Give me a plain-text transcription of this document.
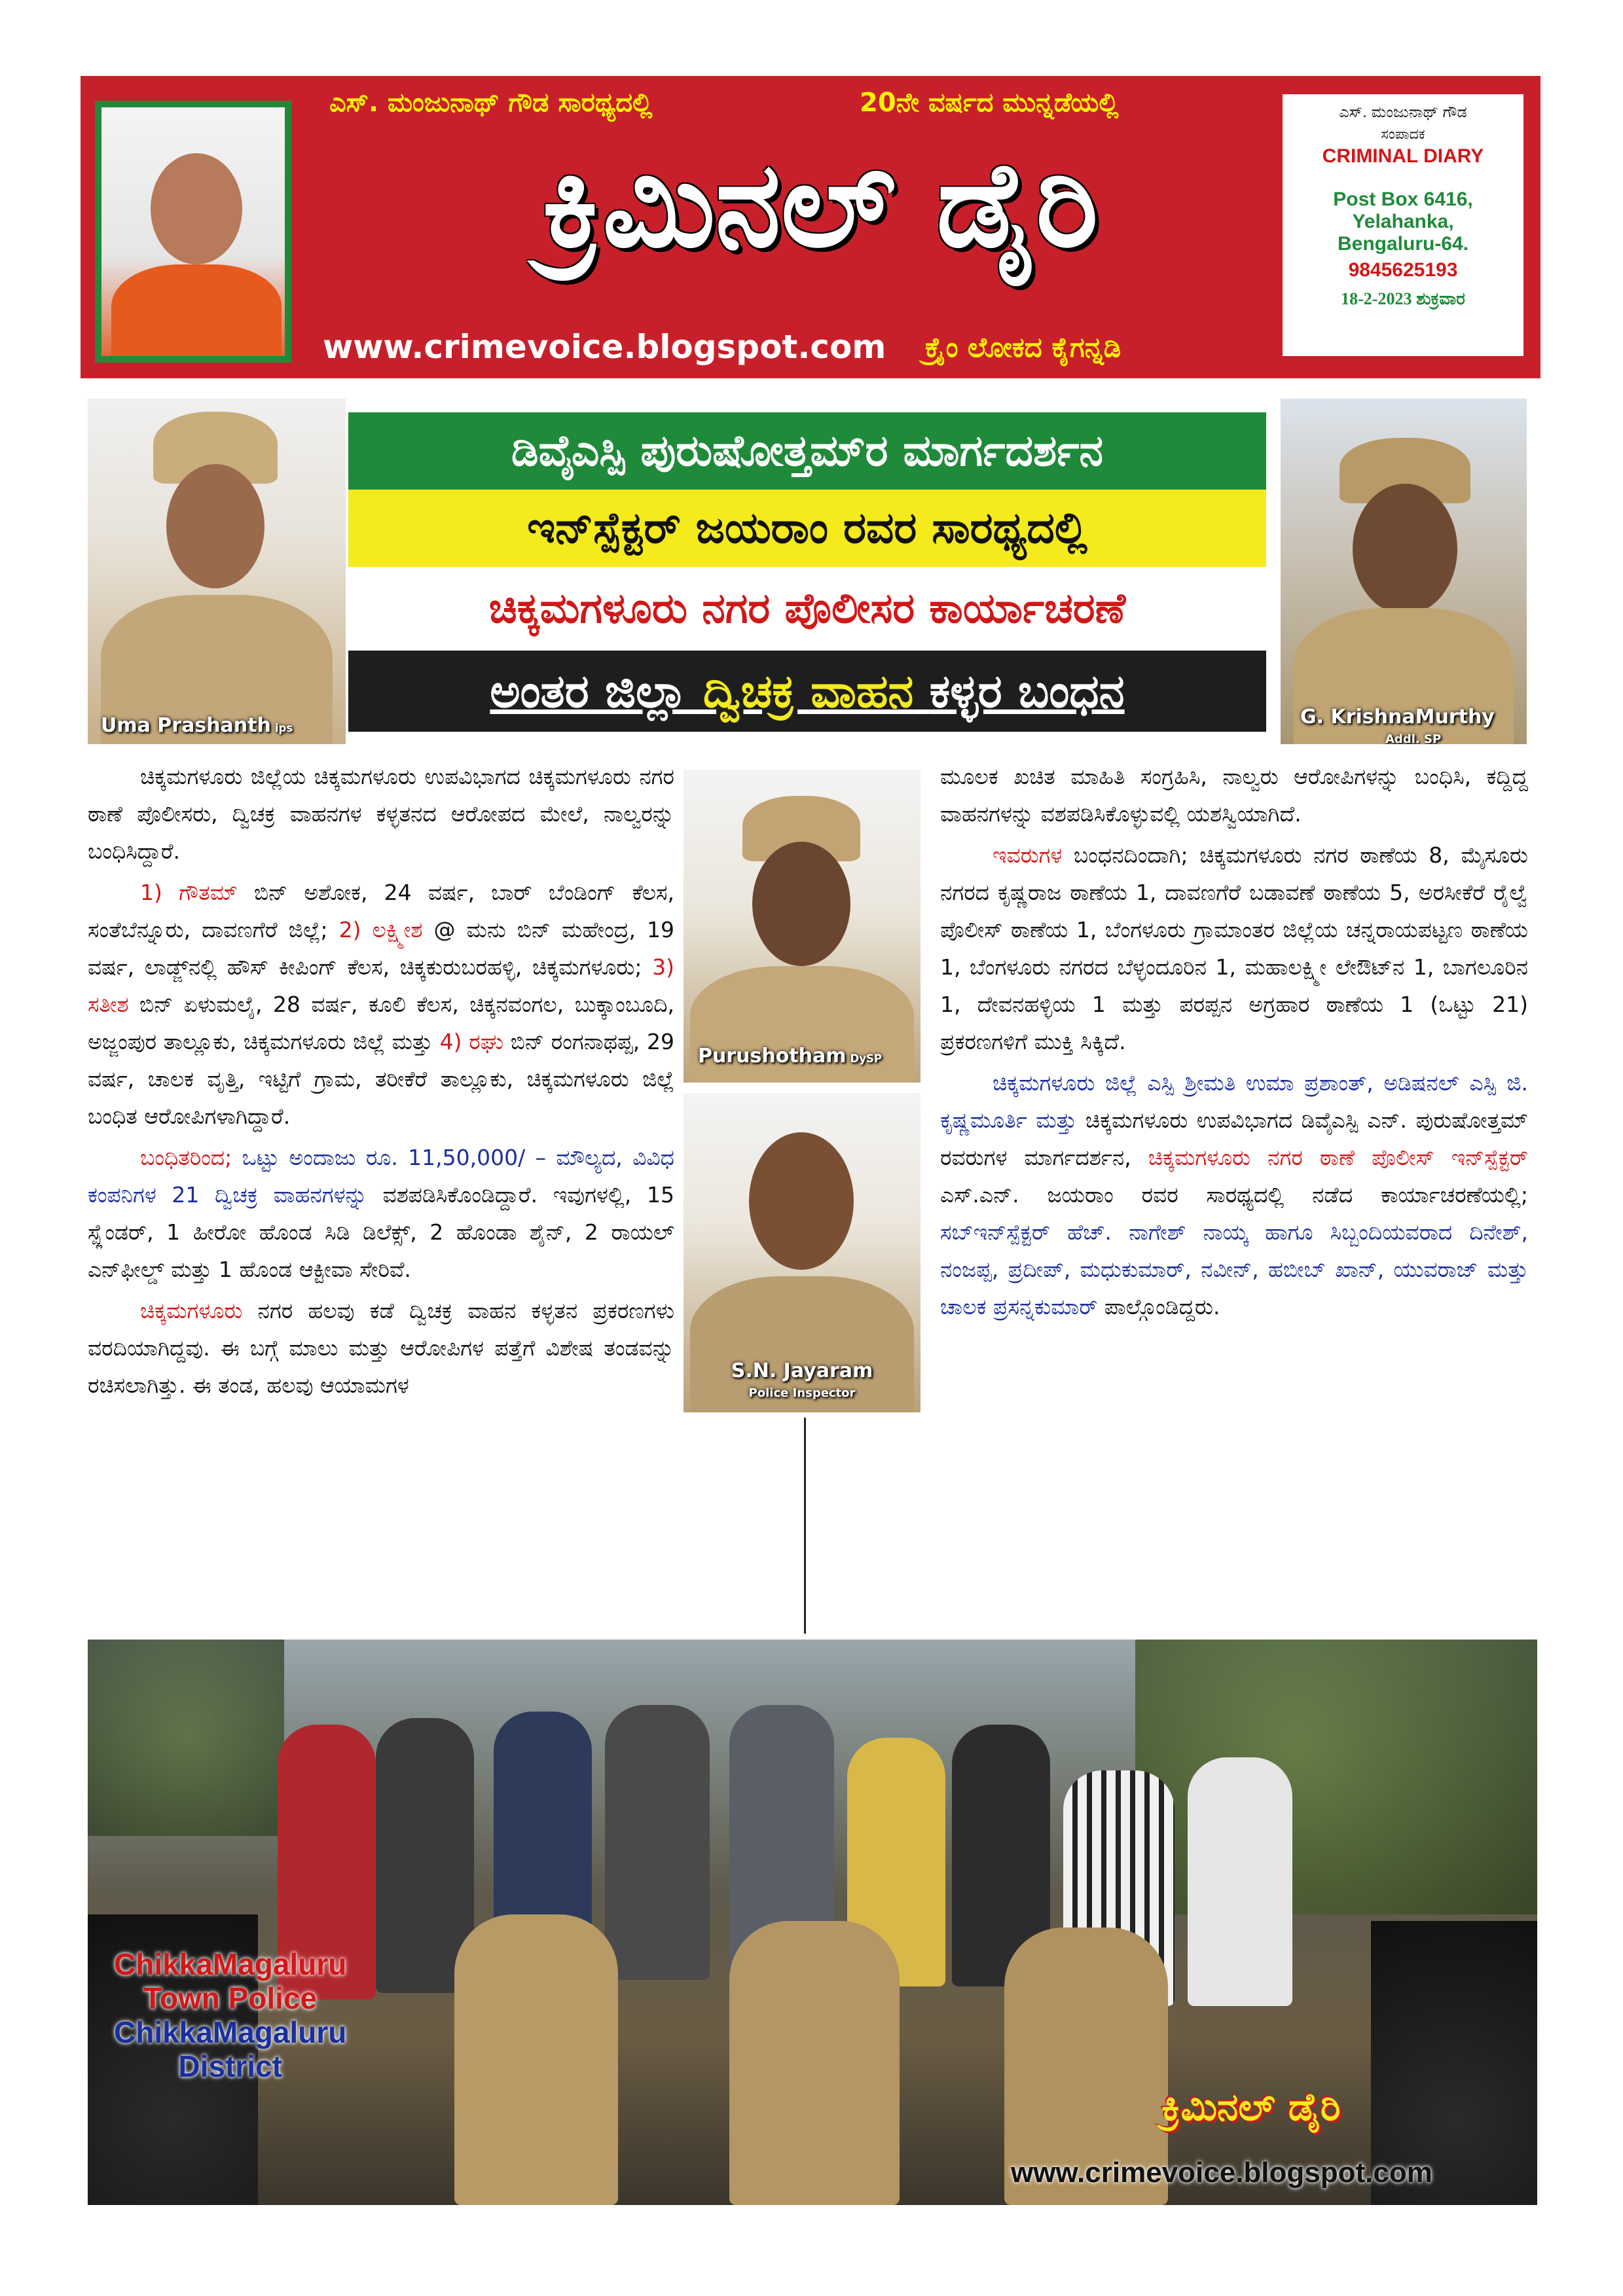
ಎಸ್. ಮಂಜುನಾಥ್ ಗೌಡ ಸಾರಥ್ಯದಲ್ಲಿ	20ನೇ ವರ್ಷದ ಮುನ್ನಡೆಯಲ್ಲಿ
ಕ್ರಿಮಿನಲ್ ಡೈರಿ
www.crimevoice.blogspot.com ಕ್ರೈಂ ಲೋಕದ ಕೈಗನ್ನಡಿ
ಎಸ್. ಮಂಜುನಾಥ್ ಗೌಡ
ಸಂಪಾದಕ
CRIMINAL DIARY
Post Box 6416,
Yelahanka,
Bengaluru-64.
9845625193
18-2-2023 ಶುಕ್ರವಾರ
Uma Prashanth ips	G. KrishnaMurthy
Addl. SP
ಡಿವೈಎಸ್ಪಿ ಪುರುಷೋತ್ತಮ್‌ರ ಮಾರ್ಗದರ್ಶನ
ಇನ್‌ಸ್ಪೆಕ್ಟರ್ ಜಯರಾಂ ರವರ ಸಾರಥ್ಯದಲ್ಲಿ
ಚಿಕ್ಕಮಗಳೂರು ನಗರ ಪೊಲೀಸರ ಕಾರ್ಯಾಚರಣೆ
ಅಂತರ ಜಿಲ್ಲಾ ದ್ವಿಚಕ್ರ ವಾಹನ ಕಳ್ಳರ ಬಂಧನ

ಚಿಕ್ಕಮಗಳೂರು ಜಿಲ್ಲೆಯ ಚಿಕ್ಕಮಗಳೂರು ಉಪವಿಭಾಗದ ಚಿಕ್ಕಮಗಳೂರು ನಗರ ಠಾಣೆ ಪೊಲೀಸರು, ದ್ವಿಚಕ್ರ ವಾಹನಗಳ ಕಳ್ಳತನದ ಆರೋಪದ ಮೇಲೆ, ನಾಲ್ವರನ್ನು ಬಂಧಿಸಿದ್ದಾರೆ.

1) ಗೌತಮ್ ಬಿನ್ ಅಶೋಕ, 24 ವರ್ಷ, ಬಾರ್ ಬೆಂಡಿಂಗ್ ಕೆಲಸ, ಸಂತೆಬೆನ್ನೂರು, ದಾವಣಗೆರೆ ಜಿಲ್ಲೆ; 2) ಲಕ್ಷ್ಮೀಶ @ ಮನು ಬಿನ್ ಮಹೇಂದ್ರ, 19 ವರ್ಷ, ಲಾಡ್ಜ್‌ನಲ್ಲಿ ಹೌಸ್ ಕೀಪಿಂಗ್ ಕೆಲಸ, ಚಿಕ್ಕಕುರುಬರಹಳ್ಳಿ, ಚಿಕ್ಕಮಗಳೂರು; 3) ಸತೀಶ ಬಿನ್ ಏಳುಮಲೈ, 28 ವರ್ಷ, ಕೂಲಿ ಕೆಲಸ, ಚಿಕ್ಕನವಂಗಲ, ಬುಕ್ಕಾಂಬೂದಿ, ಅಜ್ಜಂಪುರ ತಾಲ್ಲೂಕು, ಚಿಕ್ಕಮಗಳೂರು ಜಿಲ್ಲೆ ಮತ್ತು 4) ರಘು ಬಿನ್ ರಂಗನಾಥಪ್ಪ, 29 ವರ್ಷ, ಚಾಲಕ ವೃತ್ತಿ, ಇಟ್ಟಿಗೆ ಗ್ರಾಮ, ತರೀಕೆರೆ ತಾಲ್ಲೂಕು, ಚಿಕ್ಕಮಗಳೂರು ಜಿಲ್ಲೆ ಬಂಧಿತ ಆರೋಪಿಗಳಾಗಿದ್ದಾರೆ.

ಬಂಧಿತರಿಂದ; ಒಟ್ಟು ಅಂದಾಜು ರೂ. 11,50,000/ – ಮೌಲ್ಯದ, ವಿವಿಧ ಕಂಪನಿಗಳ 21 ದ್ವಿಚಕ್ರ ವಾಹನಗಳನ್ನು ವಶಪಡಿಸಿಕೊಂಡಿದ್ದಾರೆ. ಇವುಗಳಲ್ಲಿ, 15 ಸ್ಪ್ಲೆಂಡರ್, 1 ಹೀರೋ ಹೊಂಡ ಸಿಡಿ ಡಿಲೆಕ್ಸ್, 2 ಹೊಂಡಾ ಶೈನ್, 2 ರಾಯಲ್ ಎನ್‌ಫೀಲ್ಡ್ ಮತ್ತು 1 ಹೊಂಡ ಆಕ್ಟೀವಾ ಸೇರಿವೆ.

ಚಿಕ್ಕಮಗಳೂರು ನಗರ ಹಲವು ಕಡೆ ದ್ವಿಚಕ್ರ ವಾಹನ ಕಳ್ಳತನ ಪ್ರಕರಣಗಳು ವರದಿಯಾಗಿದ್ದವು. ಈ ಬಗ್ಗೆ ಮಾಲು ಮತ್ತು ಆರೋಪಿಗಳ ಪತ್ತೆಗೆ ವಿಶೇಷ ತಂಡವನ್ನು ರಚಿಸಲಾಗಿತ್ತು. ಈ ತಂಡ, ಹಲವು ಆಯಾಮಗಳ

Purushotham DySP
S.N. Jayaram
Police Inspector

ಮೂಲಕ ಖಚಿತ ಮಾಹಿತಿ ಸಂಗ್ರಹಿಸಿ, ನಾಲ್ವರು ಆರೋಪಿಗಳನ್ನು ಬಂಧಿಸಿ, ಕದ್ದಿದ್ದ ವಾಹನಗಳನ್ನು ವಶಪಡಿಸಿಕೊಳ್ಳುವಲ್ಲಿ ಯಶಸ್ವಿಯಾಗಿದೆ.

ಇವರುಗಳ ಬಂಧನದಿಂದಾಗಿ; ಚಿಕ್ಕಮಗಳೂರು ನಗರ ಠಾಣೆಯ 8, ಮೈಸೂರು ನಗರದ ಕೃಷ್ಣರಾಜ ಠಾಣೆಯ 1, ದಾವಣಗೆರೆ ಬಡಾವಣೆ ಠಾಣೆಯ 5, ಅರಸೀಕೆರೆ ರೈಲ್ವೆ ಪೊಲೀಸ್ ಠಾಣೆಯ 1, ಬೆಂಗಳೂರು ಗ್ರಾಮಾಂತರ ಜಿಲ್ಲೆಯ ಚನ್ನರಾಯಪಟ್ಟಣ ಠಾಣೆಯ 1, ಬೆಂಗಳೂರು ನಗರದ ಬೆಳ್ಳಂದೂರಿನ 1, ಮಹಾಲಕ್ಷ್ಮೀ ಲೇಔಟ್‌ನ 1, ಬಾಗಲೂರಿನ 1, ದೇವನಹಳ್ಳಿಯ 1 ಮತ್ತು ಪರಪ್ಪನ ಅಗ್ರಹಾರ ಠಾಣೆಯ 1 (ಒಟ್ಟು 21) ಪ್ರಕರಣಗಳಿಗೆ ಮುಕ್ತಿ ಸಿಕ್ಕಿದೆ.

ಚಿಕ್ಕಮಗಳೂರು ಜಿಲ್ಲೆ ಎಸ್ಪಿ ಶ್ರೀಮತಿ ಉಮಾ ಪ್ರಶಾಂತ್, ಅಡಿಷನಲ್ ಎಸ್ಪಿ ಜಿ. ಕೃಷ್ಣಮೂರ್ತಿ ಮತ್ತು ಚಿಕ್ಕಮಗಳೂರು ಉಪವಿಭಾಗದ ಡಿವೈಎಸ್ಪಿ ಎನ್. ಪುರುಷೋತ್ತಮ್ ರವರುಗಳ ಮಾರ್ಗದರ್ಶನ, ಚಿಕ್ಕಮಗಳೂರು ನಗರ ಠಾಣೆ ಪೊಲೀಸ್ ಇನ್‌ಸ್ಪೆಕ್ಟರ್ ಎಸ್.ಎನ್. ಜಯರಾಂ ರವರ ಸಾರಥ್ಯದಲ್ಲಿ ನಡೆದ ಕಾರ್ಯಾಚರಣೆಯಲ್ಲಿ; ಸಬ್‌ಇನ್‌ಸ್ಪೆಕ್ಟರ್ ಹೆಚ್. ನಾಗೇಶ್ ನಾಯ್ಕ ಹಾಗೂ ಸಿಬ್ಬಂದಿಯವರಾದ ದಿನೇಶ್, ನಂಜಪ್ಪ, ಪ್ರದೀಪ್, ಮಧುಕುಮಾರ್, ನವೀನ್, ಹಬೀಬ್ ಖಾನ್, ಯುವರಾಜ್ ಮತ್ತು ಚಾಲಕ ಪ್ರಸನ್ನಕುಮಾರ್ ಪಾಲ್ಗೊಂಡಿದ್ದರು.

ChikkaMagaluru
Town Police
ChikkaMagaluru
District
ಕ್ರಿಮಿನಲ್ ಡೈರಿ
www.crimevoice.blogspot.com
